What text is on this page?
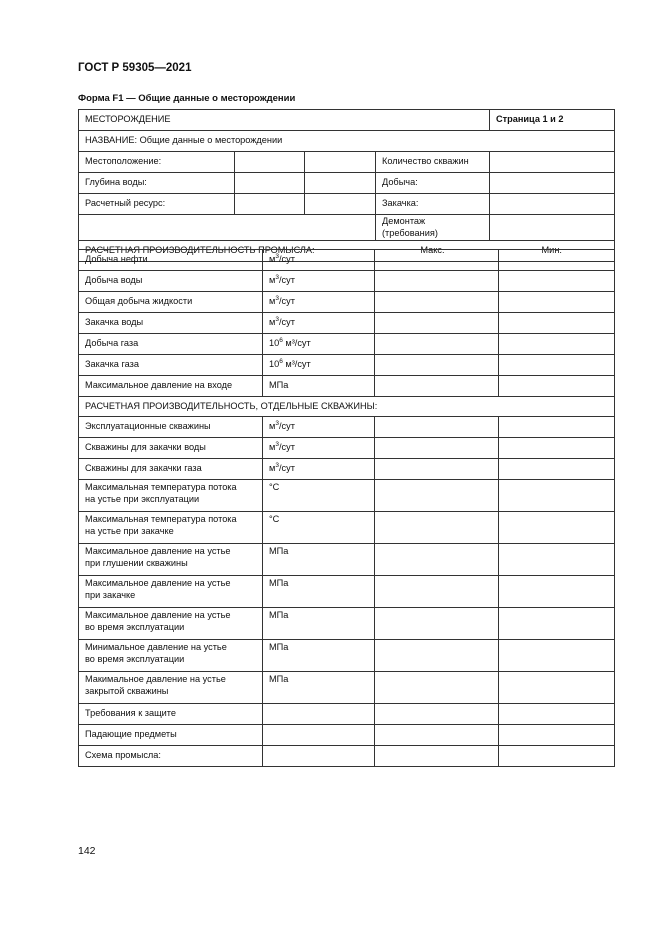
ГОСТ Р 59305—2021
Форма F1 — Общие данные о месторождении
МЕСТОРОЖДЕНИЕ				Страница 1 и 2
НАЗВАНИЕ: Общие данные о месторождении				
Местоположение:			Количество скважин	
Глубина воды:			Добыча:	
Расчетный ресурс:			Закачка:	
			Демонтаж (требования)	
РАСЧЕТНАЯ ПРОИЗВОДИТЕЛЬНОСТЬ ПРОМЫСЛА:			Макс.	Мин.
Добыча нефти	$м^3$/сут		
Добыча воды	$м^3$/сут		
Общая добыча жидкости	$м^3$/сут		
Закачка воды	$м^3$/сут		
Добыча газа	$10^6$ м³/сут		
Закачка газа	$10^6$ м³/сут		
Максимальное давление на входе	МПа		
РАСЧЕТНАЯ ПРОИЗВОДИТЕЛЬНОСТЬ, ОТДЕЛЬНЫЕ СКВАЖИНЫ:			
Эксплуатационные скважины	$м^3$/сут		
Скважины для закачки воды	$м^3$/сут		
Скважины для закачки газа	$м^3$/сут		

Максимальная температура потока
на устье при эксплуатации	°C		

Максимальная температура потока
на устье при закачке	°C		

Максимальное давление на устье
при глушении скважины	МПа		

Максимальное давление на устье
при закачке	МПа		

Максимальное давление на устье
во время эксплуатации	МПа		

Минимальное давление на устье
во время эксплуатации	МПа		

Макимальное давление на устье
закрытой скважины	МПа		
Требования к защите			
Падающие предметы			
Схема промысла:			
142
